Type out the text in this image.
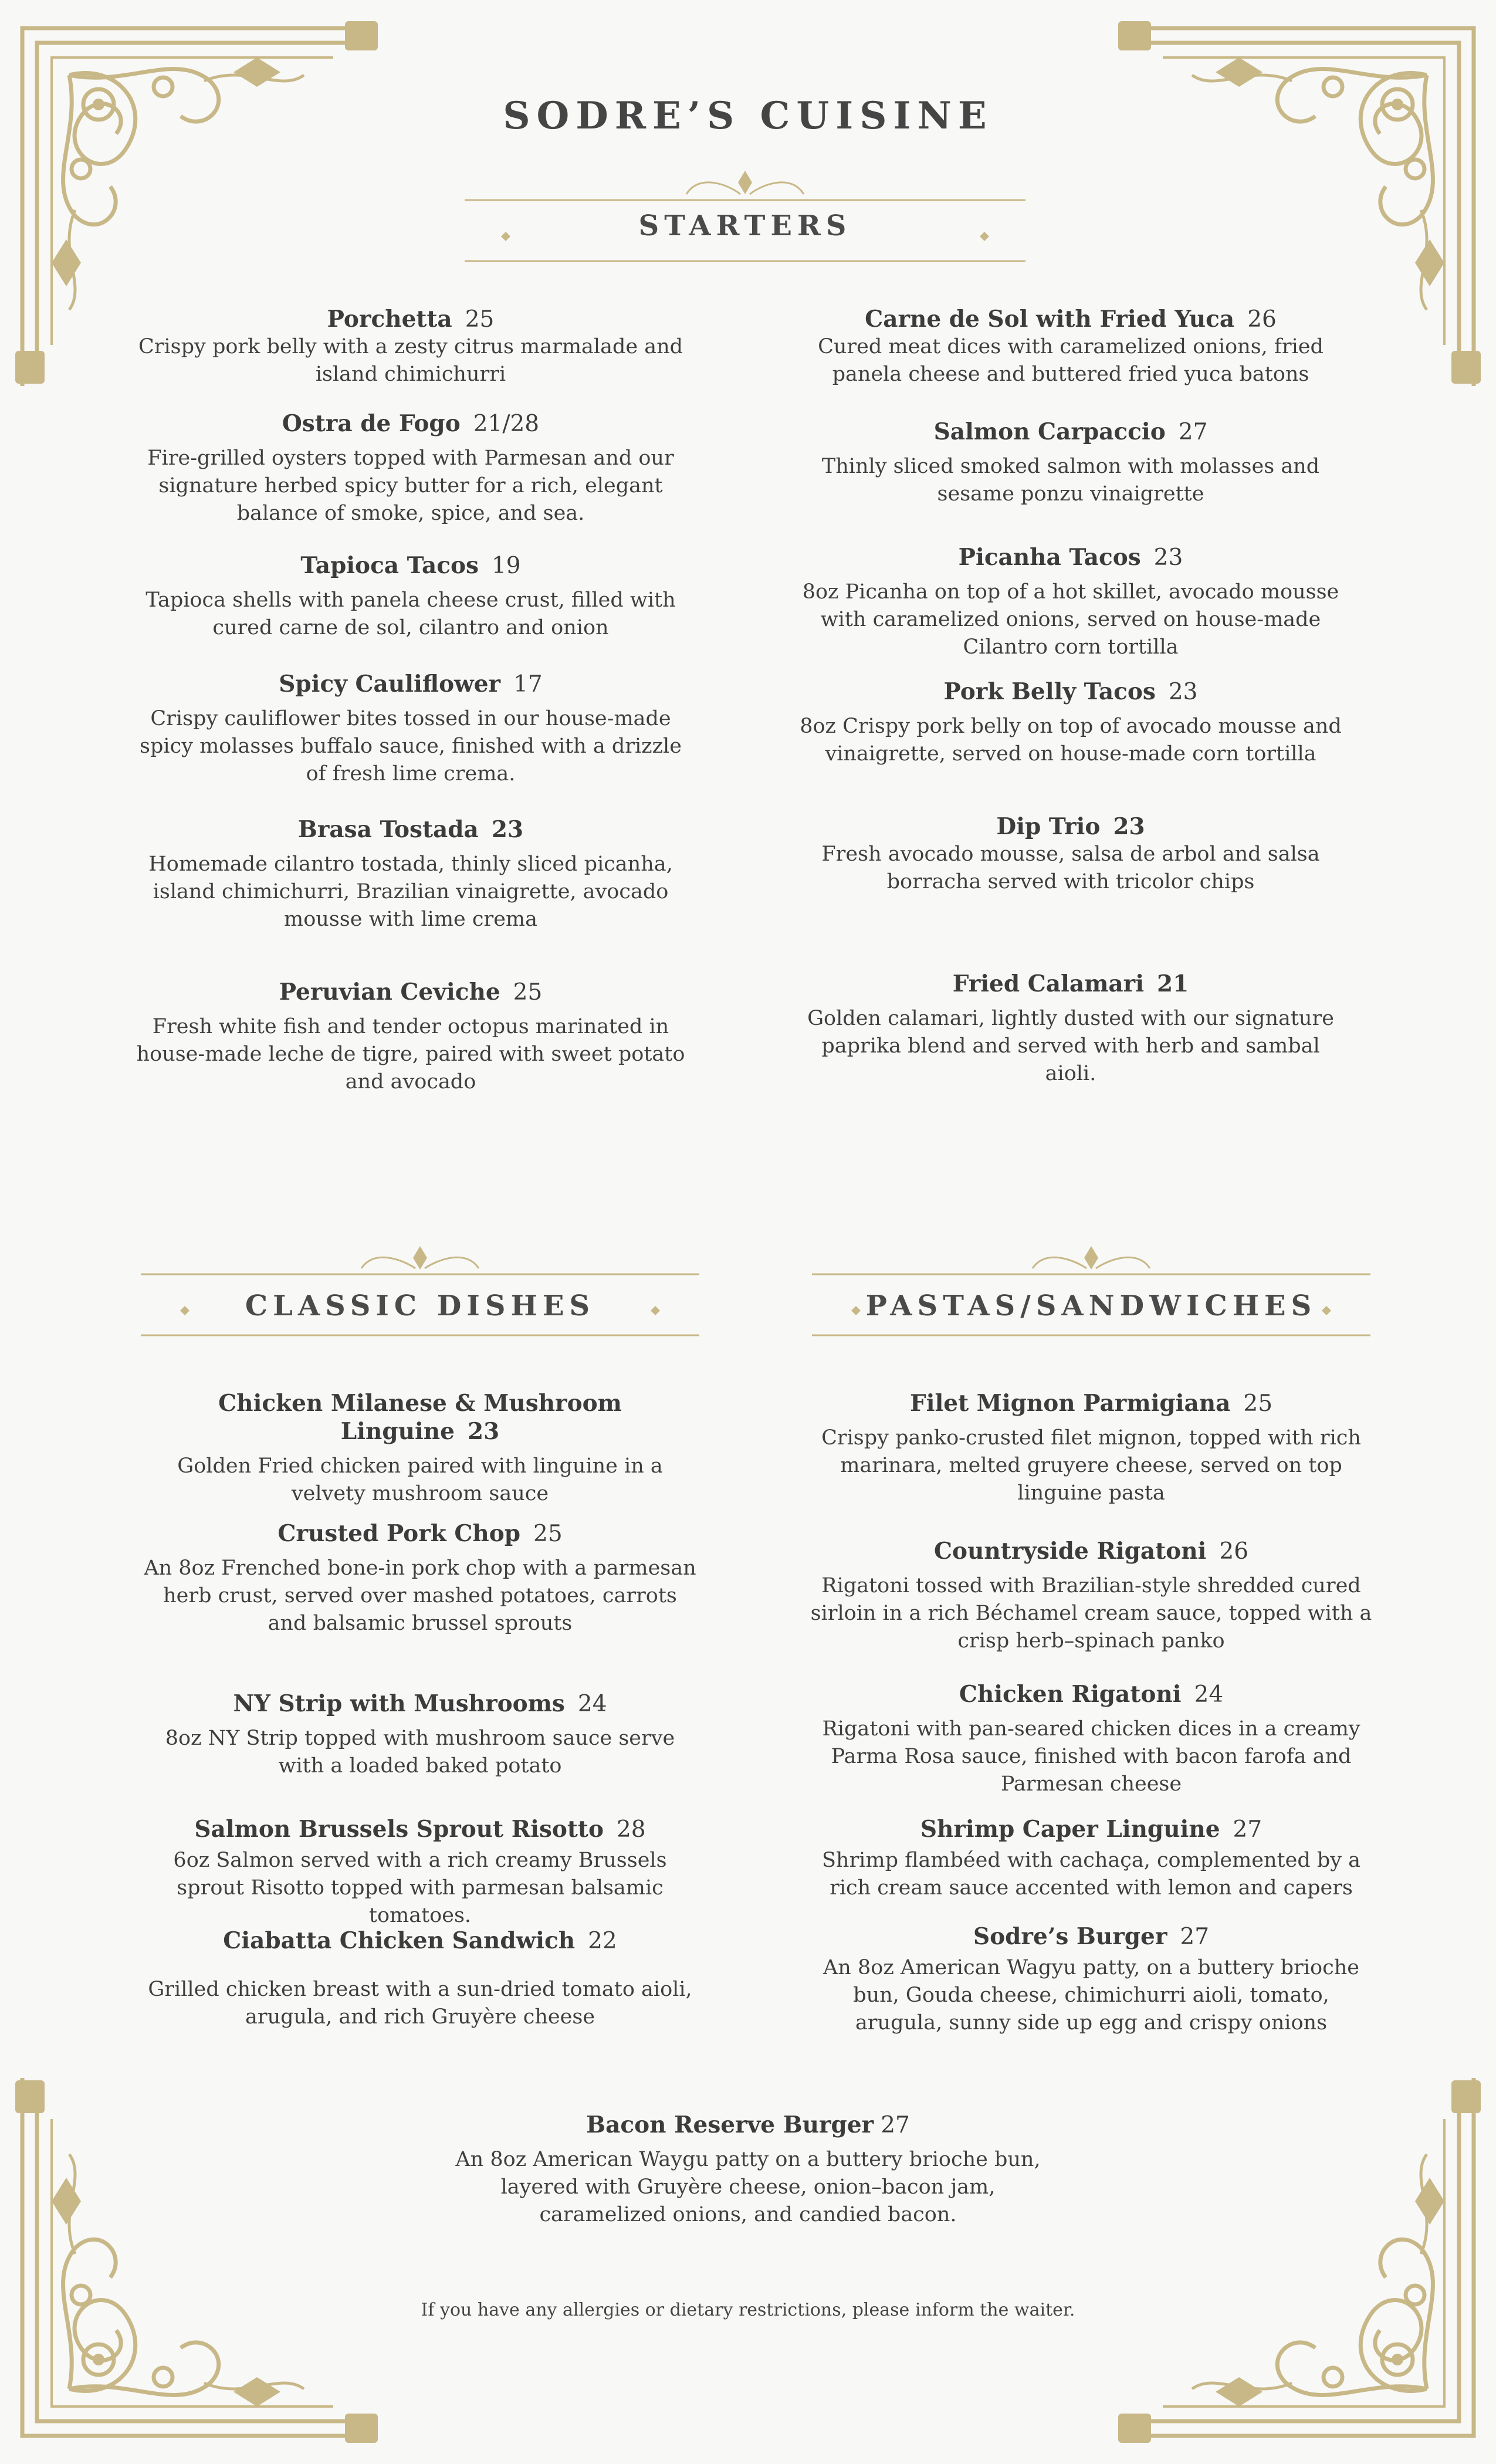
SODRE’S CUISINE
STARTERS
Porchetta 25
Crispy pork belly with a zesty citrus marmalade and island chimichurri
Ostra de Fogo 21/28
Fire-grilled oysters topped with Parmesan and our signature herbed spicy butter for a rich, elegant balance of smoke, spice, and sea.
Tapioca Tacos 19
Tapioca shells with panela cheese crust, filled with cured carne de sol, cilantro and onion
Spicy Cauliflower 17
Crispy cauliflower bites tossed in our house-made spicy molasses buffalo sauce, finished with a drizzle of fresh lime crema.
Brasa Tostada 23
Homemade cilantro tostada, thinly sliced picanha, island chimichurri, Brazilian vinaigrette, avocado mousse with lime crema
Peruvian Ceviche 25
Fresh white fish and tender octopus marinated in house-made leche de tigre, paired with sweet potato and avocado
Carne de Sol with Fried Yuca 26
Cured meat dices with caramelized onions, fried panela cheese and buttered fried yuca batons
Salmon Carpaccio 27
Thinly sliced smoked salmon with molasses and sesame ponzu vinaigrette
Picanha Tacos 23
8oz Picanha on top of a hot skillet, avocado mousse with caramelized onions, served on house-made Cilantro corn tortilla
Pork Belly Tacos 23
8oz Crispy pork belly on top of avocado mousse and vinaigrette, served on house-made corn tortilla
Dip Trio 23
Fresh avocado mousse, salsa de arbol and salsa borracha served with tricolor chips
Fried Calamari 21
Golden calamari, lightly dusted with our signature paprika blend and served with herb and sambal aioli.
CLASSIC DISHES	PASTAS/SANDWICHES
Chicken Milanese & Mushroom Linguine 23
Golden Fried chicken paired with linguine in a velvety mushroom sauce
Crusted Pork Chop 25
An 8oz Frenched bone-in pork chop with a parmesan herb crust, served over mashed potatoes, carrots and balsamic brussel sprouts
NY Strip with Mushrooms 24
8oz NY Strip topped with mushroom sauce serve with a loaded baked potato
Salmon Brussels Sprout Risotto 28
6oz Salmon served with a rich creamy Brussels sprout Risotto topped with parmesan balsamic tomatoes.
Ciabatta Chicken Sandwich 22
Grilled chicken breast with a sun-dried tomato aioli, arugula, and rich Gruyère cheese
Filet Mignon Parmigiana 25
Crispy panko-crusted filet mignon, topped with rich marinara, melted gruyere cheese, served on top linguine pasta
Countryside Rigatoni 26
Rigatoni tossed with Brazilian-style shredded cured sirloin in a rich Béchamel cream sauce, topped with a crisp herb–spinach panko
Chicken Rigatoni 24
Rigatoni with pan-seared chicken dices in a creamy Parma Rosa sauce, finished with bacon farofa and Parmesan cheese
Shrimp Caper Linguine 27
Shrimp flambéed with cachaça, complemented by a rich cream sauce accented with lemon and capers
Sodre’s Burger 27
An 8oz American Wagyu patty, on a buttery brioche bun, Gouda cheese, chimichurri aioli, tomato, arugula, sunny side up egg and crispy onions
Bacon Reserve Burger 27
An 8oz American Waygu patty on a buttery brioche bun, layered with Gruyère cheese, onion–bacon jam, caramelized onions, and candied bacon.
If you have any allergies or dietary restrictions, please inform the waiter.
